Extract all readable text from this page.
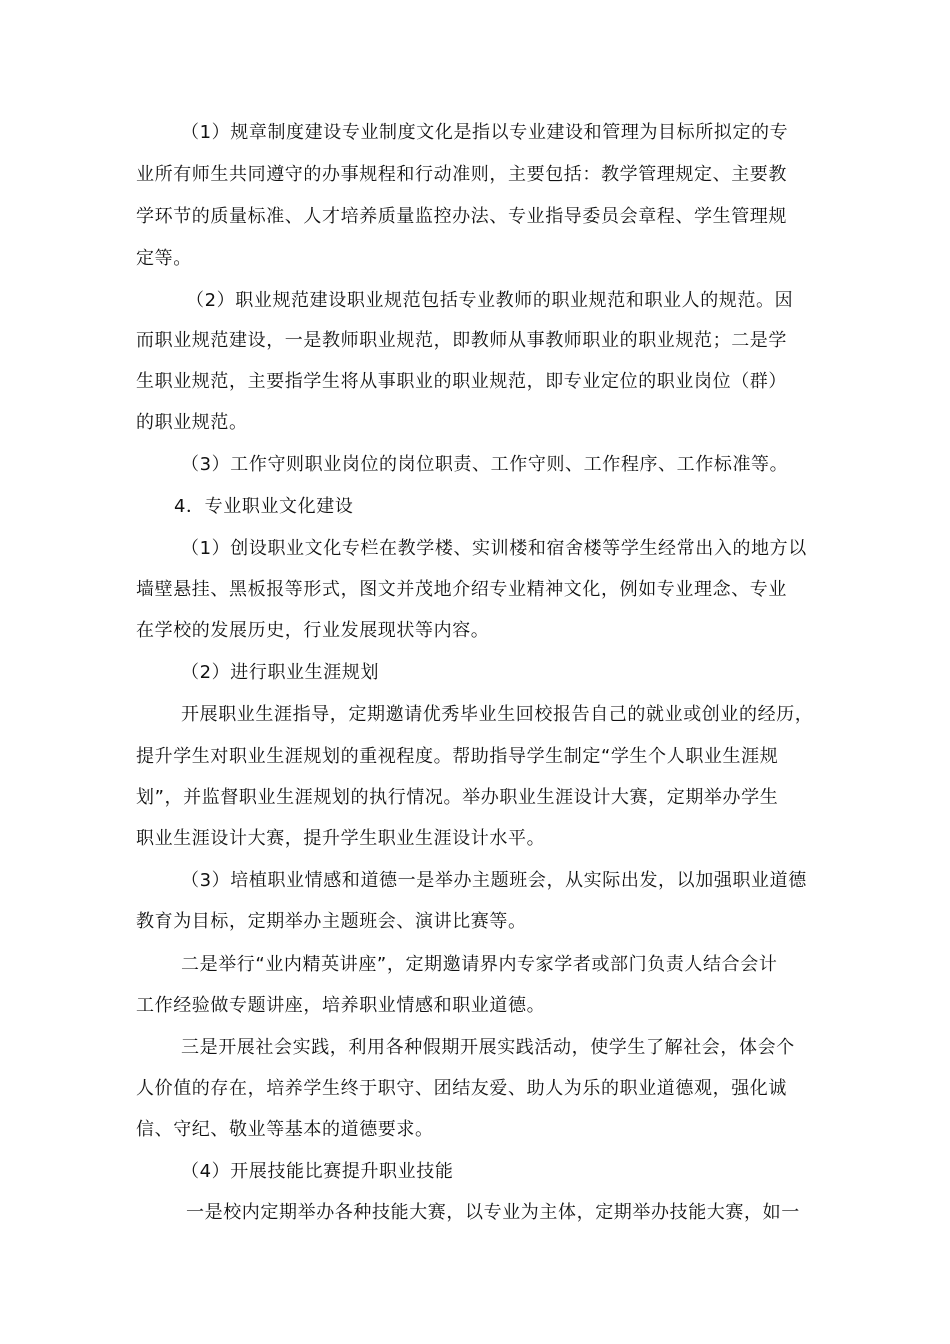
（1）规章制度建设专业制度文化是指以专业建设和管理为目标所拟定的专
业所有师生共同遵守的办事规程和行动准则，主要包括：教学管理规定、主要教
学环节的质量标准、人才培养质量监控办法、专业指导委员会章程、学生管理规
定等。
（2）职业规范建设职业规范包括专业教师的职业规范和职业人的规范。因
而职业规范建设，一是教师职业规范，即教师从事教师职业的职业规范；二是学
生职业规范，主要指学生将从事职业的职业规范，即专业定位的职业岗位（群）
的职业规范。
（3）工作守则职业岗位的岗位职责、工作守则、工作程序、工作标准等。
4．专业职业文化建设
（1）创设职业文化专栏在教学楼、实训楼和宿舍楼等学生经常出入的地方以
墙壁悬挂、黑板报等形式，图文并茂地介绍专业精神文化，例如专业理念、专业
在学校的发展历史，行业发展现状等内容。
（2）进行职业生涯规划
开展职业生涯指导，定期邀请优秀毕业生回校报告自己的就业或创业的经历，
提升学生对职业生涯规划的重视程度。帮助指导学生制定“学生个人职业生涯规
划”，并监督职业生涯规划的执行情况。举办职业生涯设计大赛，定期举办学生
职业生涯设计大赛，提升学生职业生涯设计水平。
（3）培植职业情感和道德一是举办主题班会，从实际出发，以加强职业道德
教育为目标，定期举办主题班会、演讲比赛等。
二是举行“业内精英讲座”，定期邀请界内专家学者或部门负责人结合会计
工作经验做专题讲座，培养职业情感和职业道德。
三是开展社会实践，利用各种假期开展实践活动，使学生了解社会，体会个
人价值的存在，培养学生终于职守、团结友爱、助人为乐的职业道德观，强化诚
信、守纪、敬业等基本的道德要求。
（4）开展技能比赛提升职业技能
一是校内定期举办各种技能大赛，以专业为主体，定期举办技能大赛，如一
